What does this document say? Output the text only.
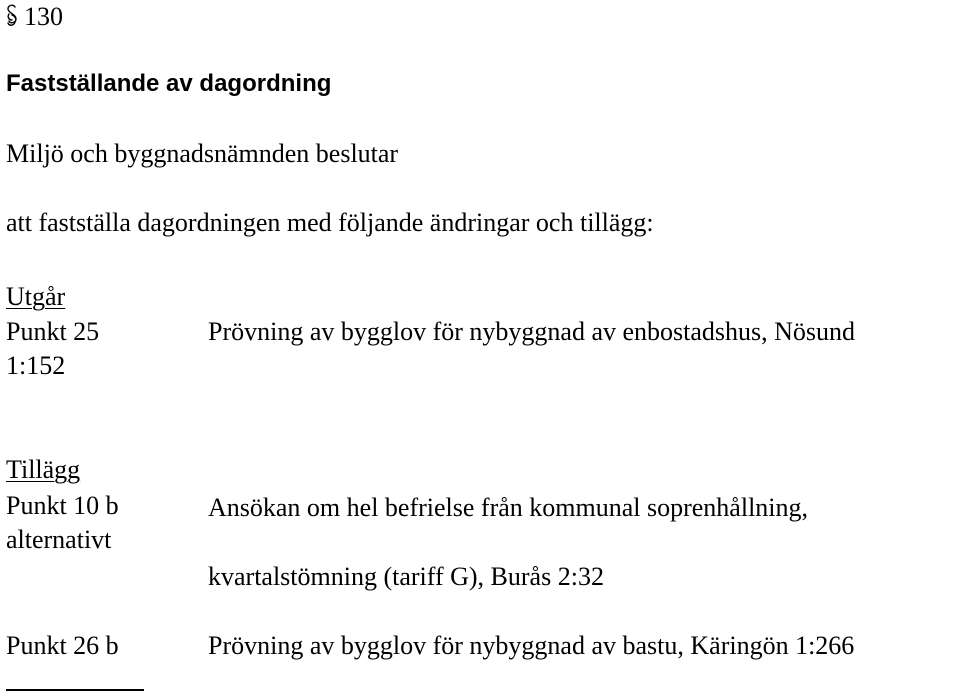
130
Fastställande av dagordning
Miljö och byggnadsnämnden beslutar
att fastställa dagordningen med följande ändringar och tillägg:
Utgår
Punkt 25	Prövning av bygglov för nybyggnad av enbostadshus, Nösund
1:152
Tillägg
Punkt 10 b	Ansökan om hel befrielse från kommunal soprenhållning,
alternativt
kvartalstömning (tariff G), Burås 2:32
Punkt 26 b	Prövning av bygglov för nybyggnad av bastu, Käringön 1:266
